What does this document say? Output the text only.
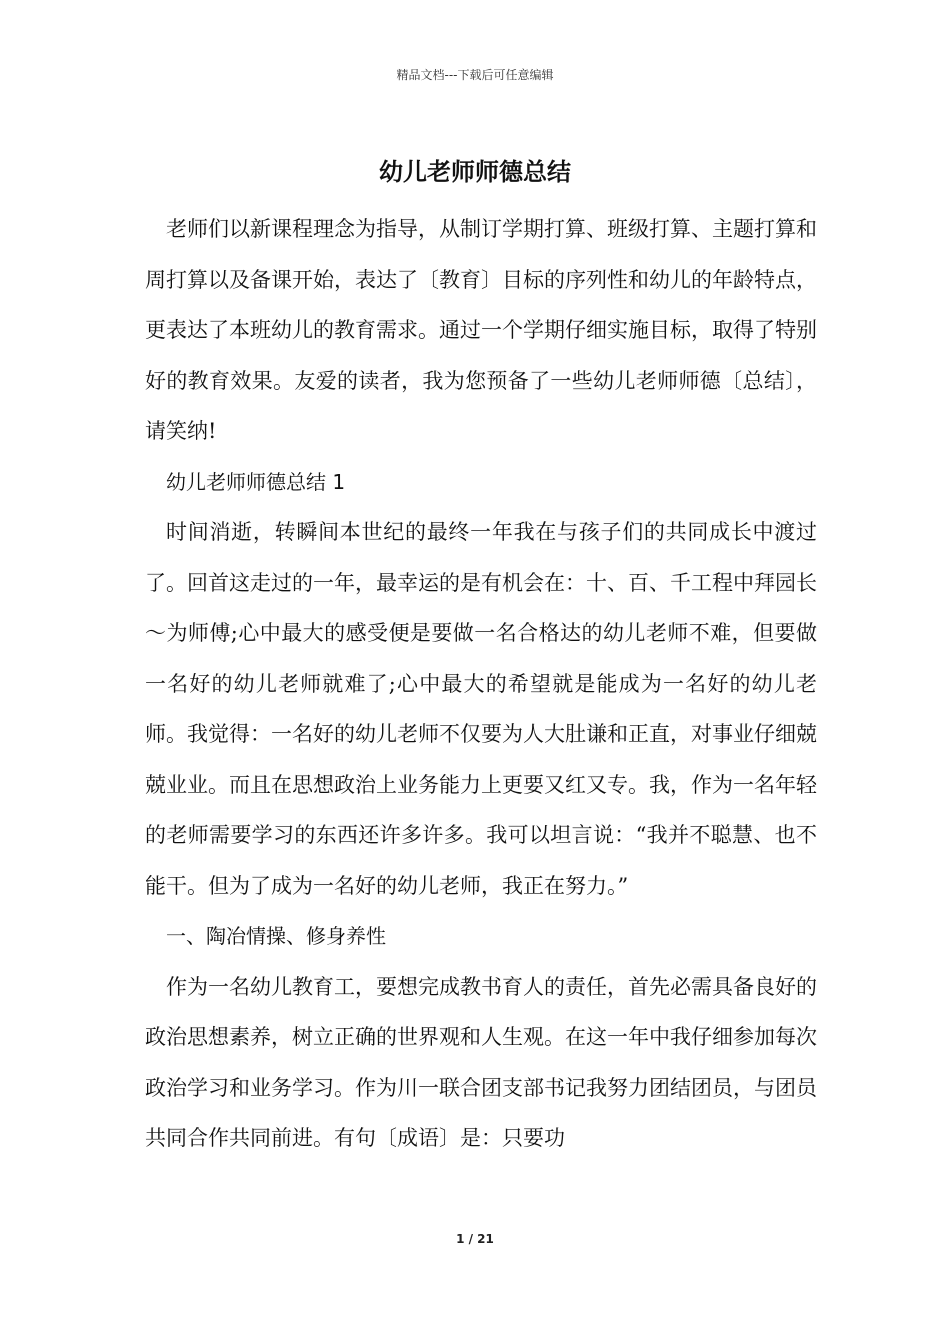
精品文档---下载后可任意编辑
幼儿老师师德总结

老师们以新课程理念为指导，从制订学期打算、班级打算、主题打算和周打算以及备课开始，表达了〔教育〕目标的序列性和幼儿的年龄特点，更表达了本班幼儿的教育需求。通过一个学期仔细实施目标，取得了特别好的教育效果。友爱的读者，我为您预备了一些幼儿老师师德〔总结〕，请笑纳!

幼儿老师师德总结 1

时间消逝，转瞬间本世纪的最终一年我在与孩子们的共同成长中渡过了。回首这走过的一年，最幸运的是有机会在：十、百、千工程中拜园长～为师傅;心中最大的感受便是要做一名合格达的幼儿老师不难，但要做一名好的幼儿老师就难了;心中最大的希望就是能成为一名好的幼儿老师。我觉得：一名好的幼儿老师不仅要为人大肚谦和正直，对事业仔细兢兢业业。而且在思想政治上业务能力上更要又红又专。我，作为一名年轻的老师需要学习的东西还许多许多。我可以坦言说：“我并不聪慧、也不能干。但为了成为一名好的幼儿老师，我正在努力。”

一、陶冶情操、修身养性

作为一名幼儿教育工，要想完成教书育人的责任，首先必需具备良好的政治思想素养，树立正确的世界观和人生观。在这一年中我仔细参加每次政治学习和业务学习。作为川一联合团支部书记我努力团结团员，与团员共同合作共同前进。有句〔成语〕是：只要功

1 / 21
